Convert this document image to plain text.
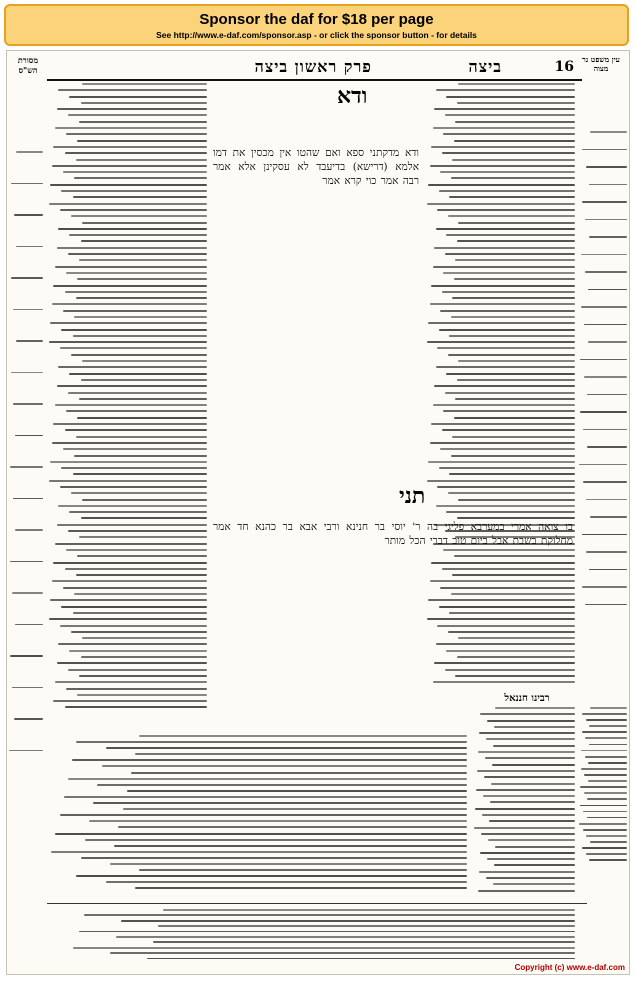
Sponsor the daf for $18 per page
See http://www.e-daf.com/sponsor.asp - or click the sponsor button - for details
מסורת הש"ס
עין משפט נר מצוה
16
ביצה
פרק ראשון ביצה
ודא
ודא מדקתני ספא ואם שהטו אין מכסין את דמו אלמא (דרישא) בדיעבד לא עסקינן אלא אמר רבה אמר כוי קרא אמר
תני
בו צואה אמרי במערבא פליגי בה ר' יוסי בר חנינא ורבי אבא בר כהנא חד אמר מחלוקת בשבת אבל ביום טוב דברי הכל מותר
רבינו חננאל
Copyright (c) www.e-daf.com
